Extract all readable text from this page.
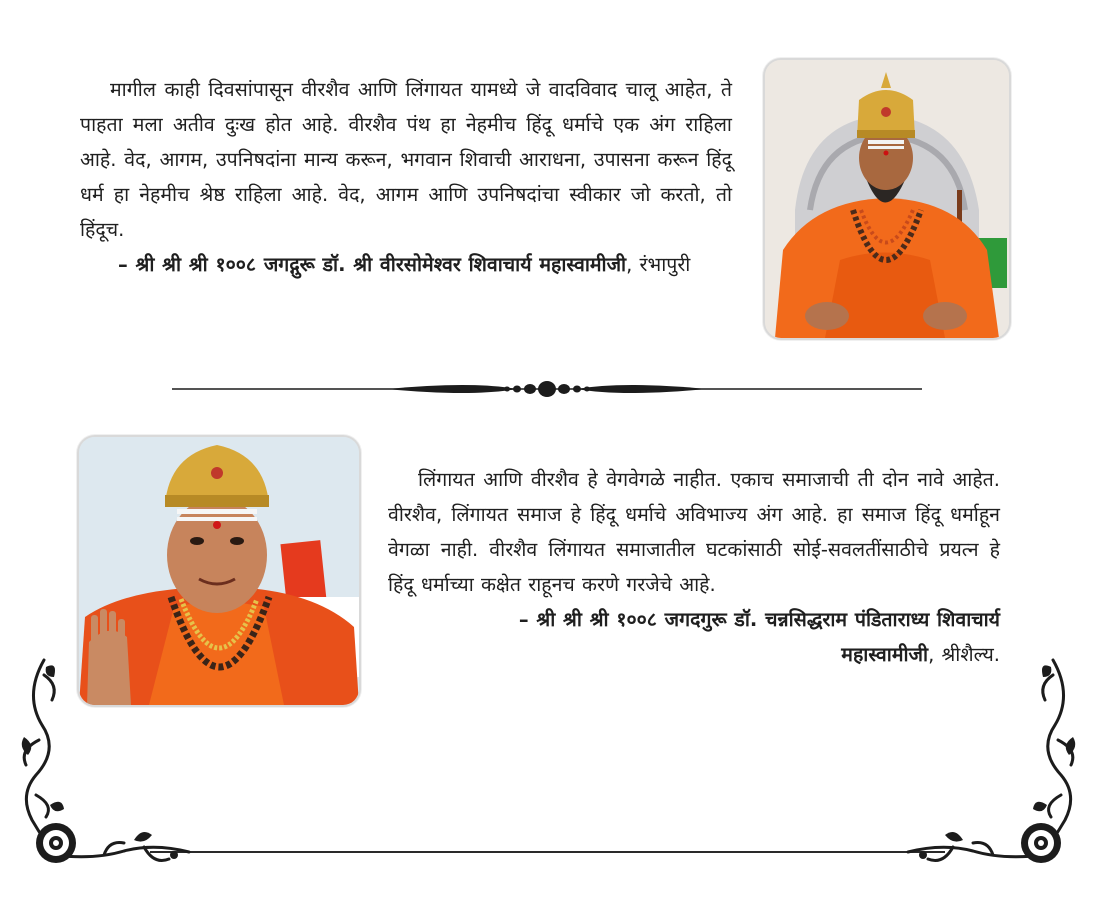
मागील काही दिवसांपासून वीरशैव आणि लिंगायत यामध्ये जे वादविवाद चालू आहेत, ते पाहता मला अतीव दुःख होत आहे. वीरशैव पंथ हा नेहमीच हिंदू धर्माचे एक अंग राहिला आहे. वेद, आगम, उपनिषदांना मान्य करून, भगवान शिवाची आराधना, उपासना करून हिंदू धर्म हा नेहमीच श्रेष्ठ राहिला आहे. वेद, आगम आणि उपनिषदांचा स्वीकार जो करतो, तो हिंदूच.

– श्री श्री श्री १००८ जगद्गुरू डॉ. श्री वीरसोमेश्वर शिवाचार्य महास्वामीजी, रंभापुरी

लिंगायत आणि वीरशैव हे वेगवेगळे नाहीत. एकाच समाजाची ती दोन नावे आहेत. वीरशैव, लिंगायत समाज हे हिंदू धर्माचे अविभाज्य अंग आहे. हा समाज हिंदू धर्माहून वेगळा नाही. वीरशैव लिंगायत समाजातील घटकांसाठी सोई-सवलतींसाठीचे प्रयत्न हे हिंदू धर्माच्या कक्षेत राहूनच करणे गरजेचे आहे.

– श्री श्री श्री १००८ जगदगुरू डॉ. चन्नसिद्धराम पंडिताराध्य शिवाचार्य

महास्वामीजी, श्रीशैल्य.
